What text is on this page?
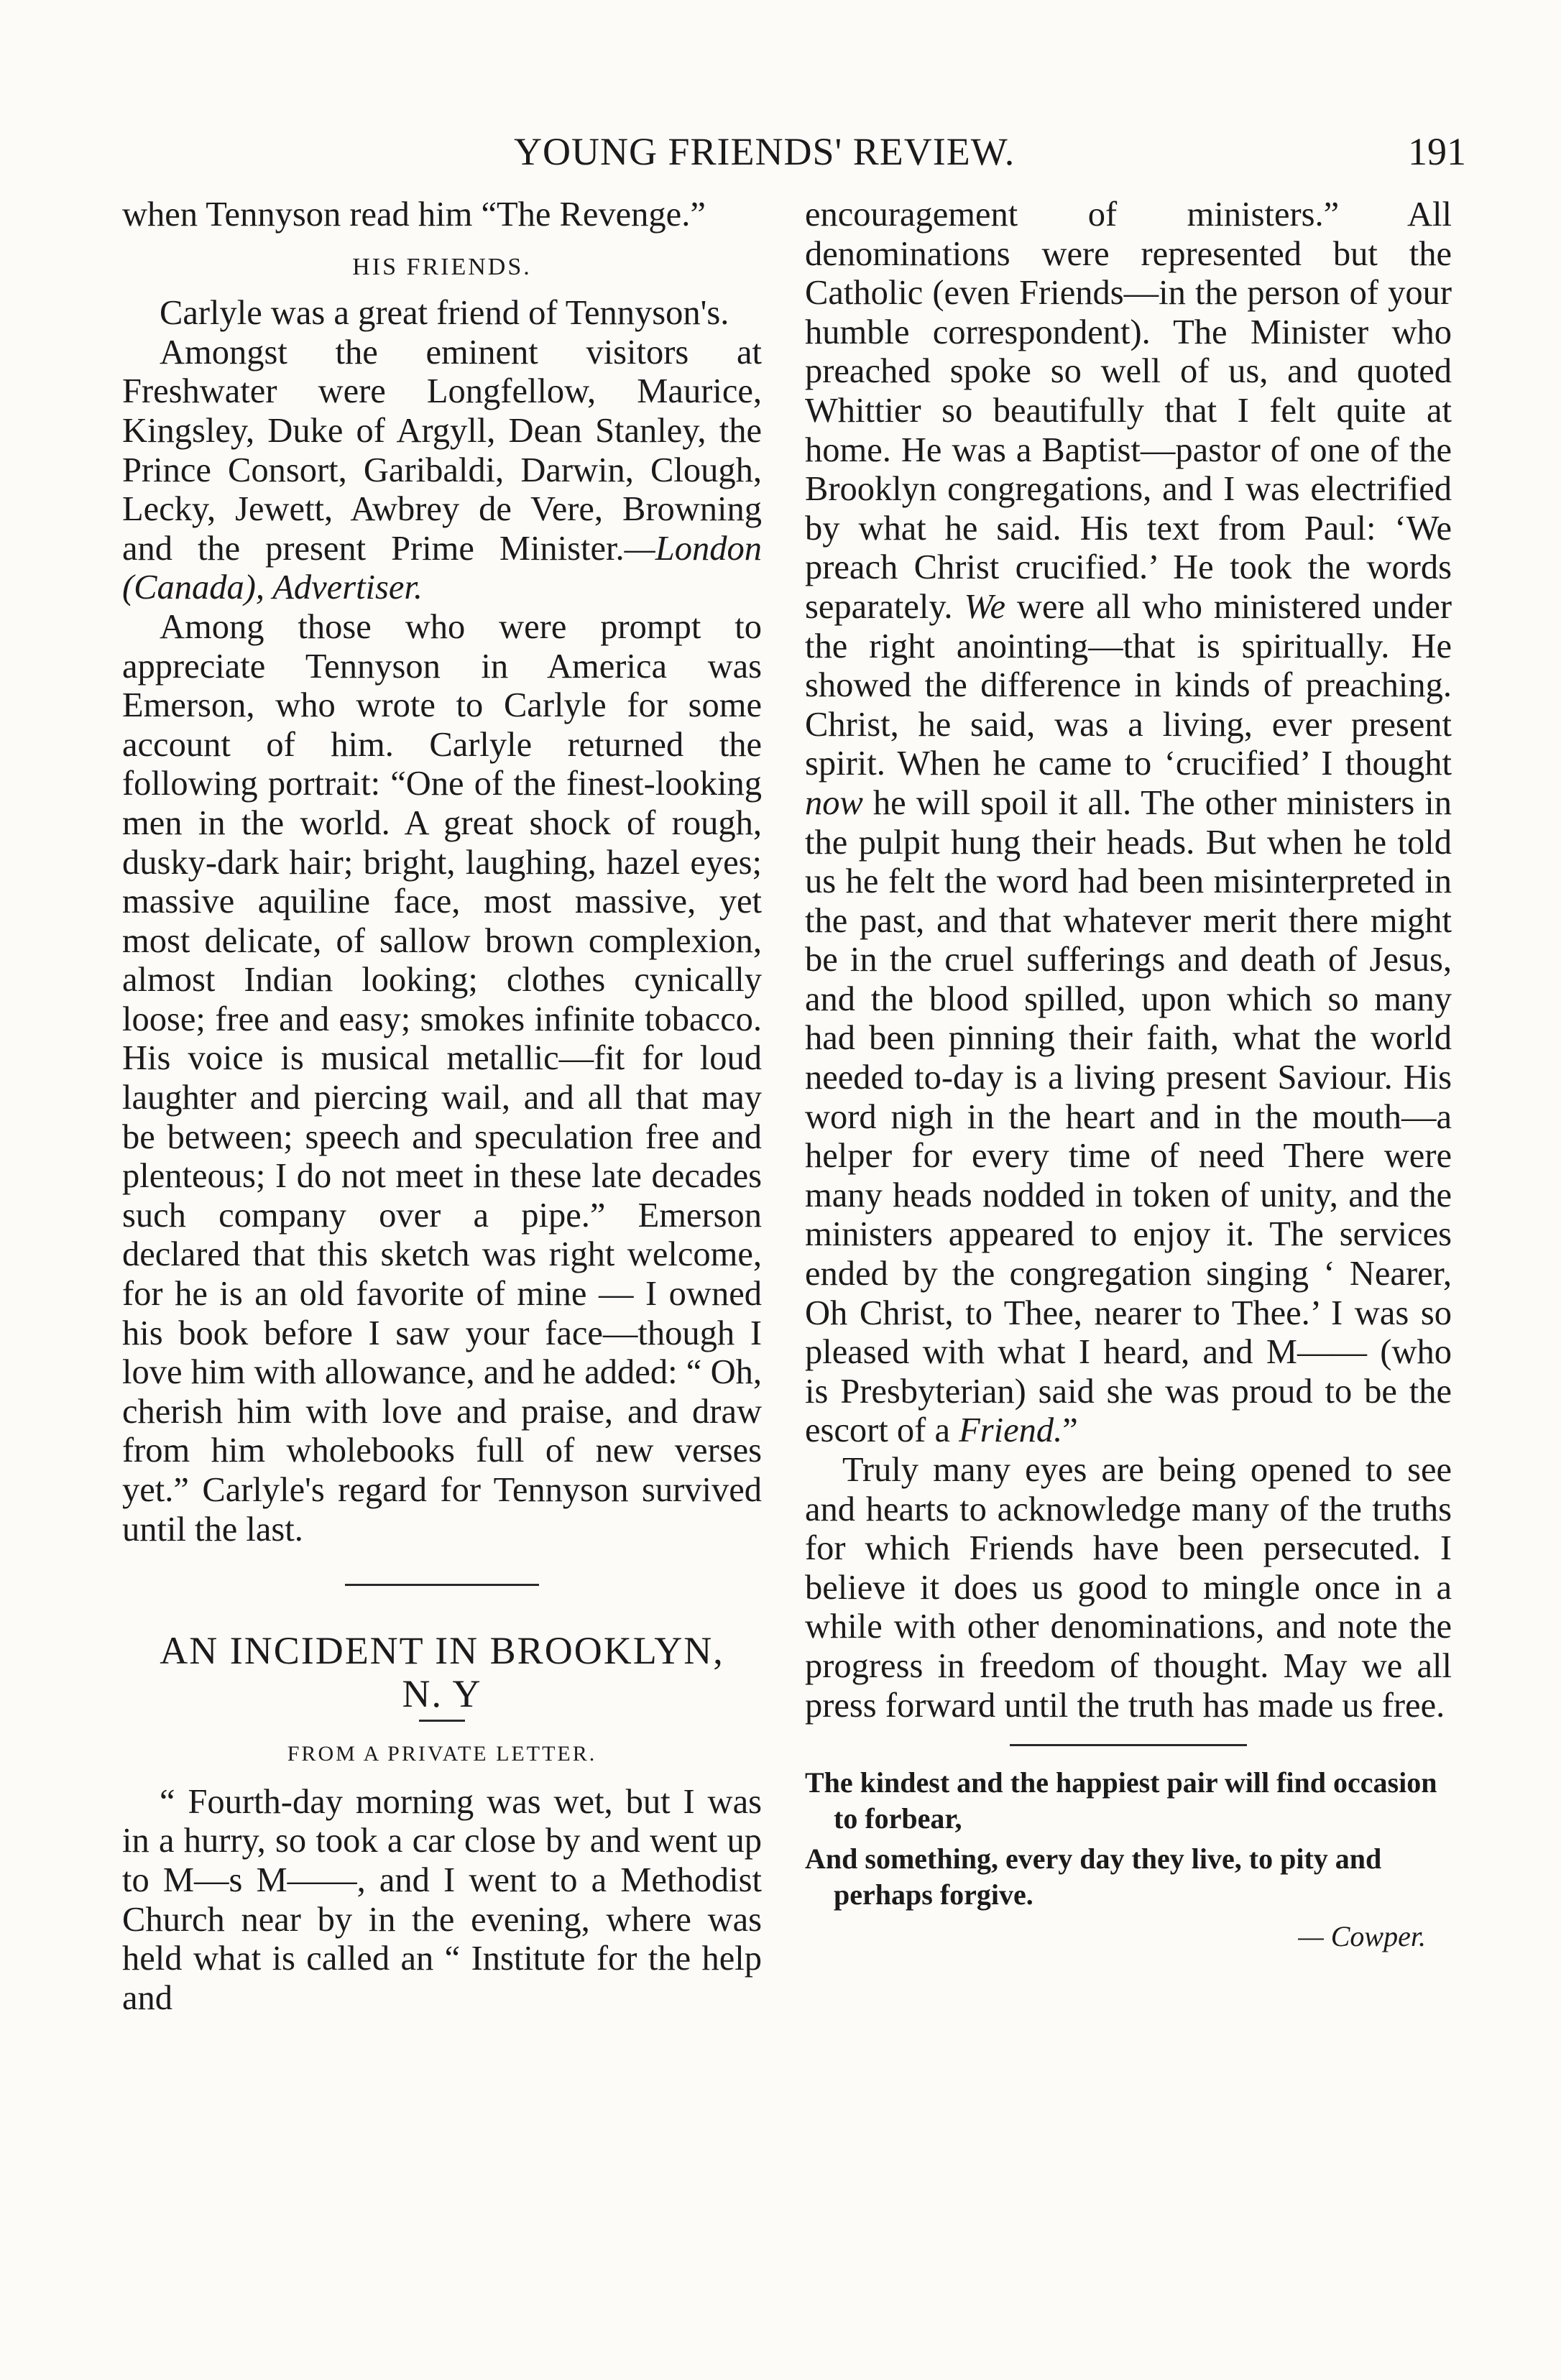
YOUNG FRIENDS' REVIEW.	191

when Tennyson read him “The Revenge.”

HIS FRIENDS.

Carlyle was a great friend of Tennyson's.

Amongst the eminent visitors at Freshwater were Longfellow, Maurice, Kingsley, Duke of Argyll, Dean Stanley, the Prince Consort, Garibaldi, Darwin, Clough, Lecky, Jewett, Awbrey de Vere, Browning and the present Prime Minister.—London (Canada), Advertiser.

Among those who were prompt to appreciate Tennyson in America was Emerson, who wrote to Carlyle for some account of him. Carlyle returned the following portrait: “One of the finest-looking men in the world. A great shock of rough, dusky-dark hair; bright, laughing, hazel eyes; massive aquiline face, most massive, yet most delicate, of sallow brown complexion, almost Indian looking; clothes cynically loose; free and easy; smokes infinite tobacco. His voice is musical metallic—fit for loud laughter and piercing wail, and all that may be between; speech and speculation free and plenteous; I do not meet in these late decades such company over a pipe.” Emerson declared that this sketch was right welcome, for he is an old favorite of mine — I owned his book before I saw your face—though I love him with allowance, and he added: “ Oh, cherish him with love and praise, and draw from him wholebooks full of new verses yet.” Carlyle's regard for Tennyson survived until the last.

AN INCIDENT IN BROOKLYN,

N. Y

FROM A PRIVATE LETTER.

“ Fourth-day morning was wet, but I was in a hurry, so took a car close by and went up to M—s M——, and I went to a Methodist Church near by in the evening, where was held what is called an “ Institute for the help and

encouragement of ministers.” All denominations were represented but the Catholic (even Friends—in the person of your humble correspondent). The Minister who preached spoke so well of us, and quoted Whittier so beautifully that I felt quite at home. He was a Baptist—pastor of one of the Brooklyn congregations, and I was electrified by what he said. His text from Paul: ‘We preach Christ crucified.’ He took the words separately. We were all who ministered under the right anointing—that is spiritually. He showed the difference in kinds of preaching. Christ, he said, was a living, ever present spirit. When he came to ‘crucified’ I thought now he will spoil it all. The other ministers in the pulpit hung their heads. But when he told us he felt the word had been misinterpreted in the past, and that whatever merit there might be in the cruel sufferings and death of Jesus, and the blood spilled, upon which so many had been pinning their faith, what the world needed to-day is a living present Saviour. His word nigh in the heart and in the mouth—a helper for every time of need There were many heads nodded in token of unity, and the ministers appeared to enjoy it. The services ended by the congregation singing ‘ Nearer, Oh Christ, to Thee, nearer to Thee.’ I was so pleased with what I heard, and M—— (who is Presbyterian) said she was proud to be the escort of a Friend.”

Truly many eyes are being opened to see and hearts to acknowledge many of the truths for which Friends have been persecuted. I believe it does us good to mingle once in a while with other denominations, and note the progress in freedom of thought. May we all press forward until the truth has made us free.

The kindest and the happiest pair will find occasion to forbear,

And something, every day they live, to pity and perhaps forgive.

— Cowper.
